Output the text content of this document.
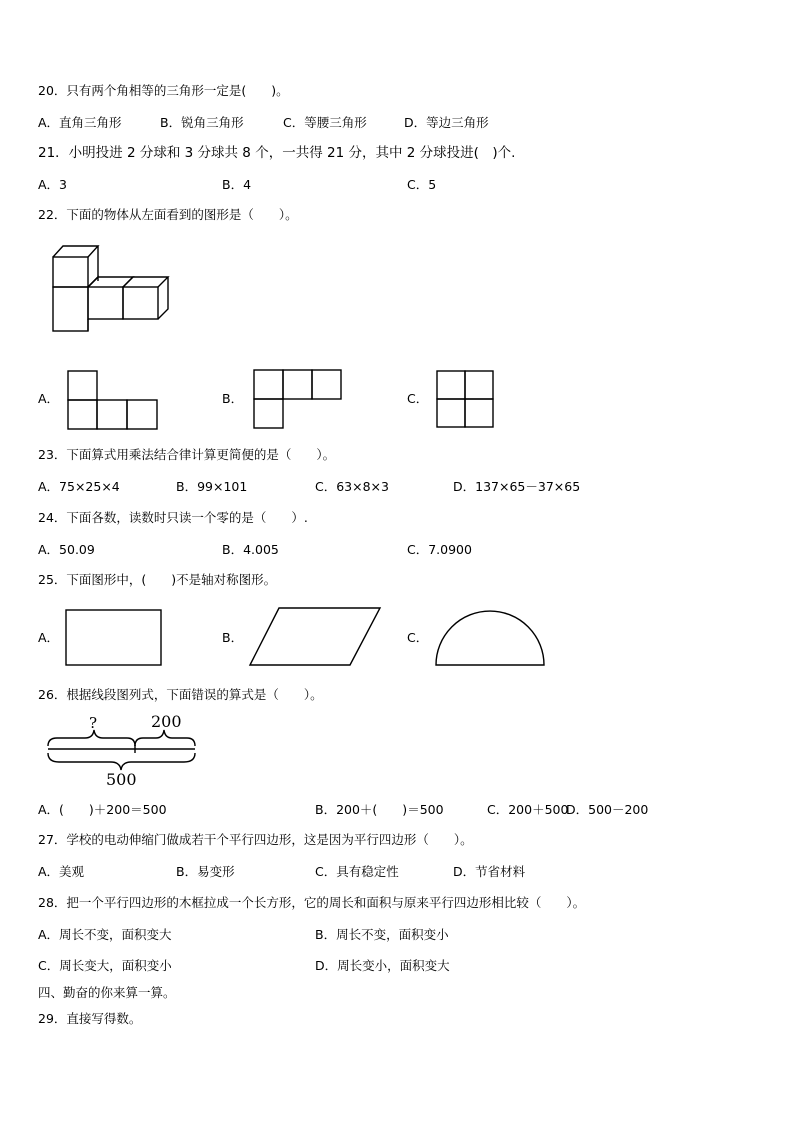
20．只有两个角相等的三角形一定是(　　)。
A．直角三角形	B．锐角三角形	C．等腰三角形	D．等边三角形
21．小明投进 2 分球和 3 分球共 8 个，一共得 21 分，其中 2 分球投进(　)个.
A．3	B．4	C．5
22．下面的物体从左面看到的图形是（　　）。
A．	B．	C．
23．下面算式用乘法结合律计算更简便的是（　　）。
A．75×25×4	B．99×101	C．63×8×3	D．137×65－37×65
24．下面各数，读数时只读一个零的是（　　）.
A．50.09	B．4.005	C．7.0900
25．下面图形中，(　　)不是轴对称图形。
A．	B．	C．
26．根据线段图列式，下面错误的算式是（　　）。
?	200
500
A．(　　)＋200＝500	B．200＋(　　)＝500	C．200＋500
D．500－200
27．学校的电动伸缩门做成若干个平行四边形，这是因为平行四边形（　　）。
A．美观	B．易变形	C．具有稳定性	D．节省材料
28．把一个平行四边形的木框拉成一个长方形，它的周长和面积与原来平行四边形相比较（　　）。
A．周长不变，面积变大	B．周长不变，面积变小
C．周长变大，面积变小	D．周长变小，面积变大
四、勤奋的你来算一算。
29．直接写得数。
